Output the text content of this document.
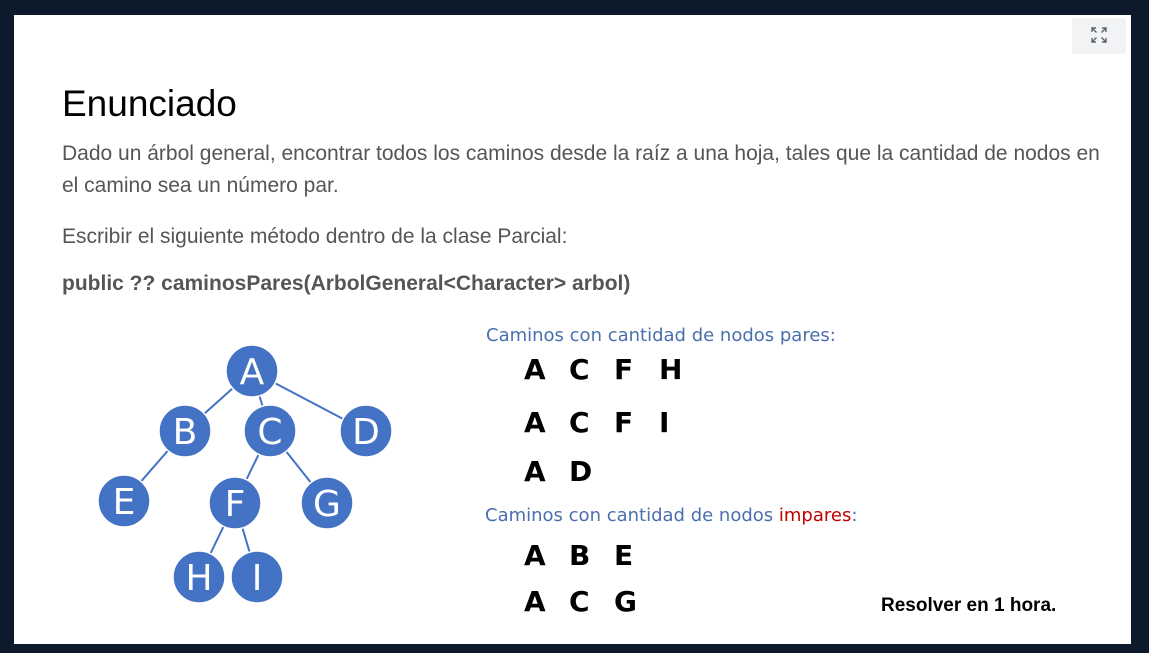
Enunciado

Dado un árbol general, encontrar todos los caminos desde la raíz a una hoja, tales que la cantidad de nodos en el camino sea un número par.

Escribir el siguiente método dentro de la clase Parcial:

public ?? caminosPares(ArbolGeneral<Character> arbol)

A
B C D
E F G
H I

Caminos con cantidad de nodos pares:

A C F H
A C F I
A D

Caminos con cantidad de nodos impares:

A B E
A C G	Resolver en 1 hora.
